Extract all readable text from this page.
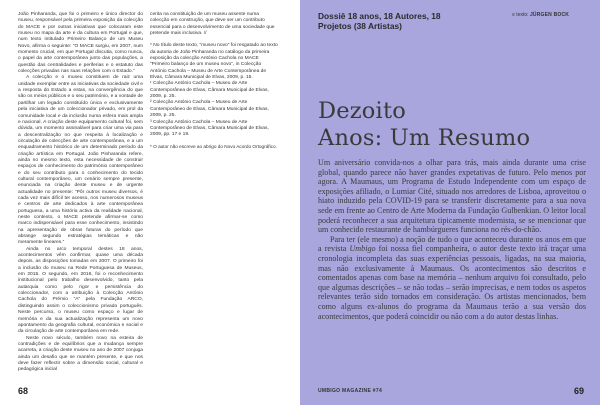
João Pinharanda, que foi o primeiro e único director do museu, responsável pela primeira exposição da colecção do MACE e por outras iniciativas que colocaram este museu no mapa da arte e da cultura em Portugal e que, num texto intitulado Primeiro Balanço de um Museu Novo, afirma o seguinte: “O MACE surgiu, em 2007, num momento crucial, em que Portugal discutia, como nunca, o papel da arte contemporânea junto das populações, a questão das centralidades e periferias e o estatuto das colecções privadas nas suas relações com o Estado.”

A colecção e o museu constituem de raiz uma unidade exemplar entre as iniciativas da sociedade civil e a resposta do Estado a estas, na convergência do que são os meios públicos e o seu património, e a vontade de partilhar um legado constituído única e exclusivamente pela iniciativa de um coleccionador privado, em prol da comunidade local e da inclusão numa esfera mais ampla e nacional. A criação deste equipamento cultural foi, sem dúvida, um momento assinalável para criar uma via para a descentralização no que respeita à localização e circulação de colecções de arte contemporânea, e a um enquadramento histórico de um determinado período da criação artística em Portugal. João Pinharanda refere, ainda no mesmo texto, esta necessidade de construir espaços de conhecimento do património contemporâneo e do seu contributo para o conhecimento do tecido cultural contemporâneo, um cenário sempre presente, enunciada na criação deste museu e de urgente actualidade no presente: “Pôr outros museu diversos, é cada vez mais difícil ter acesso, nos numerosos museus e centros de arte dedicados à arte contemporânea portuguesa, a uma história activa da realidade nacional, neste contexto, o MACE pretende afirmar-se como marco indispensável para esse conhecimento, insistindo na apresentação de obras futuras do período que abrange segundo estratégias temáticas e não meramente lineares.”

Ainda no arco temporal destes 18 anos, acontecimentos vêm confirmar, quase uma década depois, as disposições tomadas em 2007. O primeiro foi a inclusão do museu na Rede Portuguesa de Museus, em 2015. O segundo, em 2016, foi o reconhecimento institucional pelo trabalho desenvolvido, tanto pela autarquia como pelo rigor e persistência do coleccionador, com a atribuição à Colecção António Cachola do Prémio “A” pela Fundação ARCO, distinguindo assim o coleccionismo privado português. Neste percurso, o museu como espaço e lugar de memória e da sua actualização representa um novo apontamento da geografia cultural, económica e social e da circulação de arte contemporânea em rede.

Neste novo século, também novo na esteira de contradições e de equilíbrios que a mudança sempre acarreta, a criação deste museu no ano de 2007 conjuga ainda um desafio que se mantém presente, e que nos deve fazer reflectir sobre a dimensão social, cultural e pedagógica inicial

cerita na constituição de um museu assente numa colecção em construção, que deve ser um contributo essencial para o desenvolvimento de uma sociedade que pretende mais inclusiva. //
* No título deste texto, “museu novo” foi resgatado ao texto da autoria de João Pinharanda no catálogo da primeira exposição da colecção António Cachola no MACE “Primeiro balanço de um museu novo”, in Colecção António Cachola – Museu de Arte Contemporânea de Elvas, Câmara Municipal de Elvas, 2009, p. 15.
¹ Colecção António Cachola – Museu de Arte Contemporânea de Elvas, Câmara Municipal de Elvas, 2009, p. 25.
² Colecção António Cachola – Museu de Arte Contemporâneo de Elvas, Câmara Municipal de Elvas, 2009, p. 25.
³ Colecção António Cachola – Museu de Arte Contemporâneo de Elvas, Câmara Municipal de Elvas, 2009, pp. 17 e 19.
* O autor não escreve ao abrigo do Novo Acordo Ortográfico.
68
Dossiê 18 anos, 18 Autores, 18 Projetos (38 Artistas)
≡ texto: JÜRGEN BOCK
Dezoito
Anos: Um Resumo

Um aniversário convida-nos a olhar para trás, mais ainda durante uma crise global, quando parece não haver grandes expetativas de futuro. Pelo menos por agora. A Maumaus, um Programa de Estudo Independente com um espaço de exposições afiliado, o Lumiar Cité, situado nos arredores de Lisboa, aproveitou o hiato induzido pela COVID-19 para se transferir discretamente para a sua nova sede em frente ao Centro de Arte Moderna da Fundação Gulbenkian. O leitor local poderá reconhecer a sua arquitetura tipicamente modernista, se se mencionar que um conhecido restaurante de hambúrgueres funciona no rés-do-chão.

Para ter (ele mesmo) a noção de tudo o que aconteceu durante os anos em que a revista Umbigo foi nossa fiel companheira, o autor deste texto irá traçar uma cronologia incompleta das suas experiências pessoais, ligadas, na sua maioria, mas não exclusivamente à Maumaus. Os acontecimentos são descritos e comentados apenas com base na memória – nenhum arquivo foi consultado, pelo que algumas descrições – se não todas – serão imprecisas, e nem todos os aspetos relevantes terão sido tornados em consideração. Os artistas mencionados, bem como alguns ex-alunos do programa da Maumaus terão a sua versão dos acontecimentos, que poderá coincidir ou não com a do autor destas linhas.

UMBIGO MAGAZINE #74	69
